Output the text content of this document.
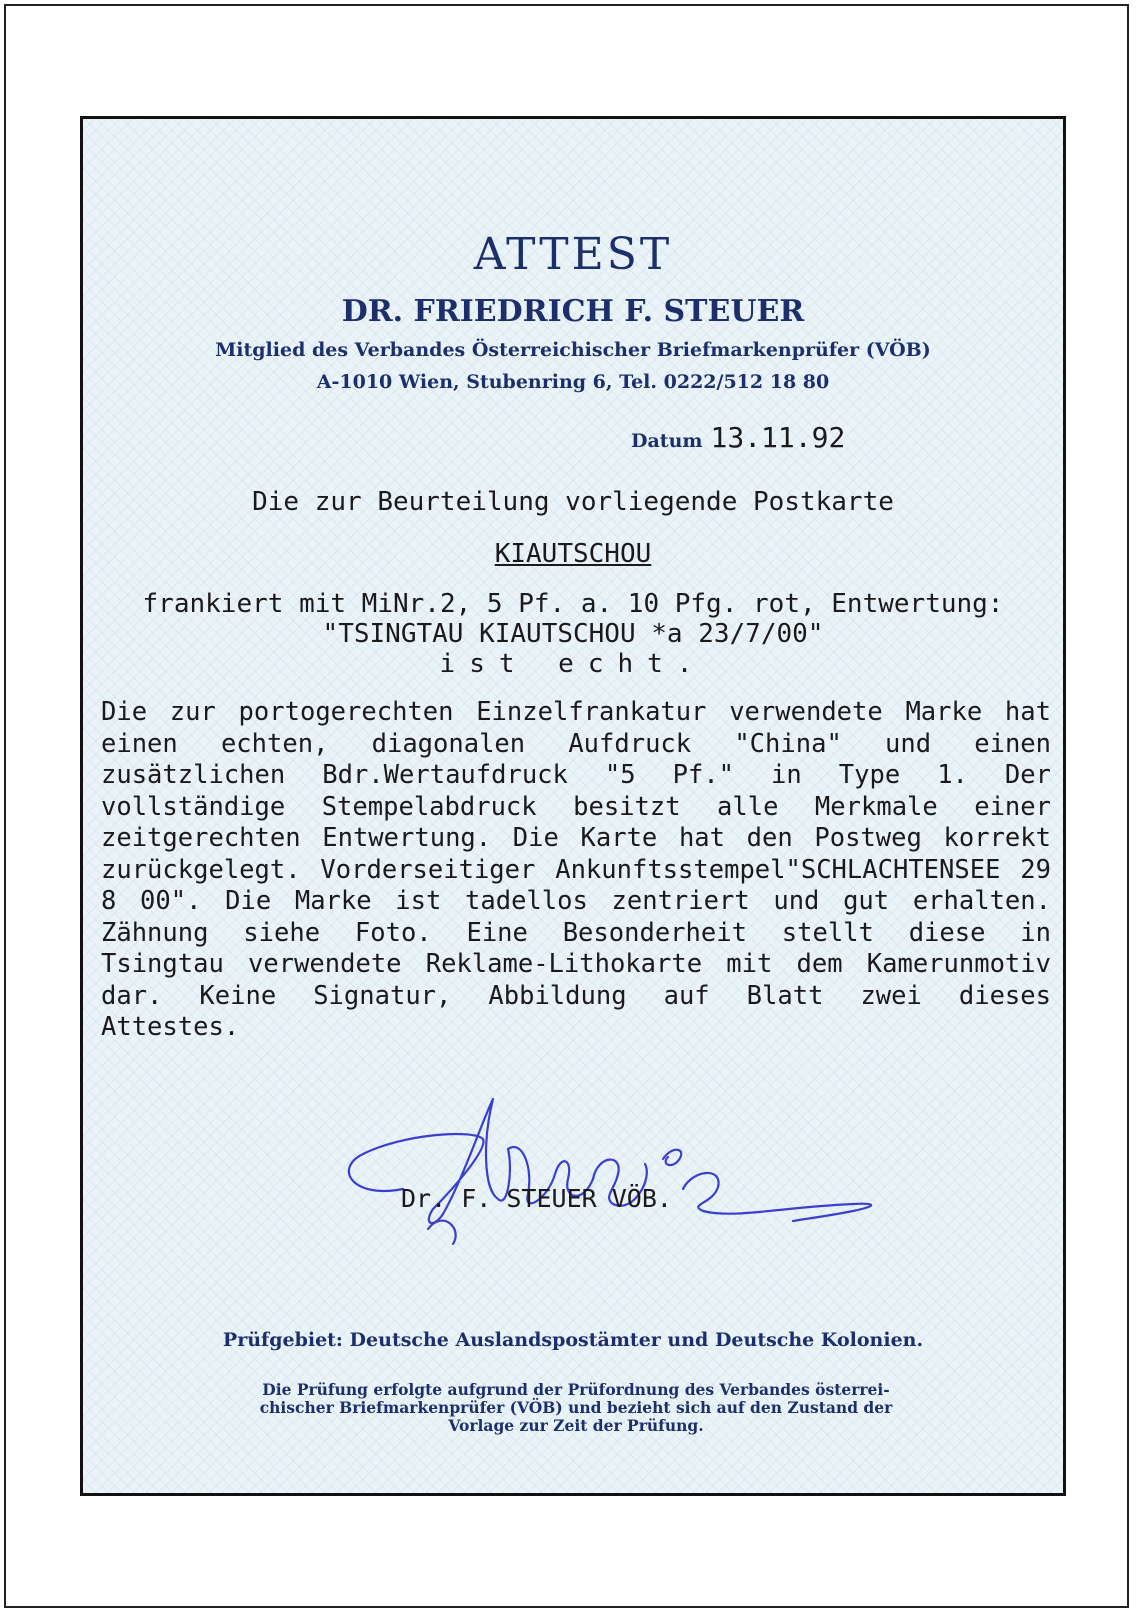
ATTEST
DR. FRIEDRICH F. STEUER
Mitglied des Verbandes Österreichischer Briefmarkenprüfer (VÖB)
A-1010 Wien, Stubenring 6, Tel. 0222/512 18 80
Datum 13.11.92
Die zur Beurteilung vorliegende Postkarte
KIAUTSCHOU
frankiert mit MiNr.2, 5 Pf. a. 10 Pfg. rot, Entwertung:
"TSINGTAU KIAUTSCHOU *a 23/7/00"
ist echt.
Die zur portogerechten Einzelfrankatur verwendete Marke hat einen echten, diagonalen Aufdruck "China" und einen zusätzlichen Bdr.Wertaufdruck "5 Pf." in Type 1. Der vollständige Stempelabdruck besitzt alle Merkmale einer zeitgerechten Entwertung. Die Karte hat den Postweg korrekt zurückgelegt. Vorderseitiger Ankunftsstempel"SCHLACHTENSEE 29 8 00". Die Marke ist tadellos zentriert und gut erhalten. Zähnung siehe Foto. Eine Besonderheit stellt diese in Tsingtau verwendete Reklame-Lithokarte mit dem Kamerunmotiv dar. Keine Signatur, Abbildung auf Blatt zwei dieses Attestes.
Dr. F. STEUER VÖB.
Prüfgebiet: Deutsche Auslandspostämter und Deutsche Kolonien.
Die Prüfung erfolgte aufgrund der Prüfordnung des Verbandes österrei-
chischer Briefmarkenprüfer (VÖB) und bezieht sich auf den Zustand der
Vorlage zur Zeit der Prüfung.
